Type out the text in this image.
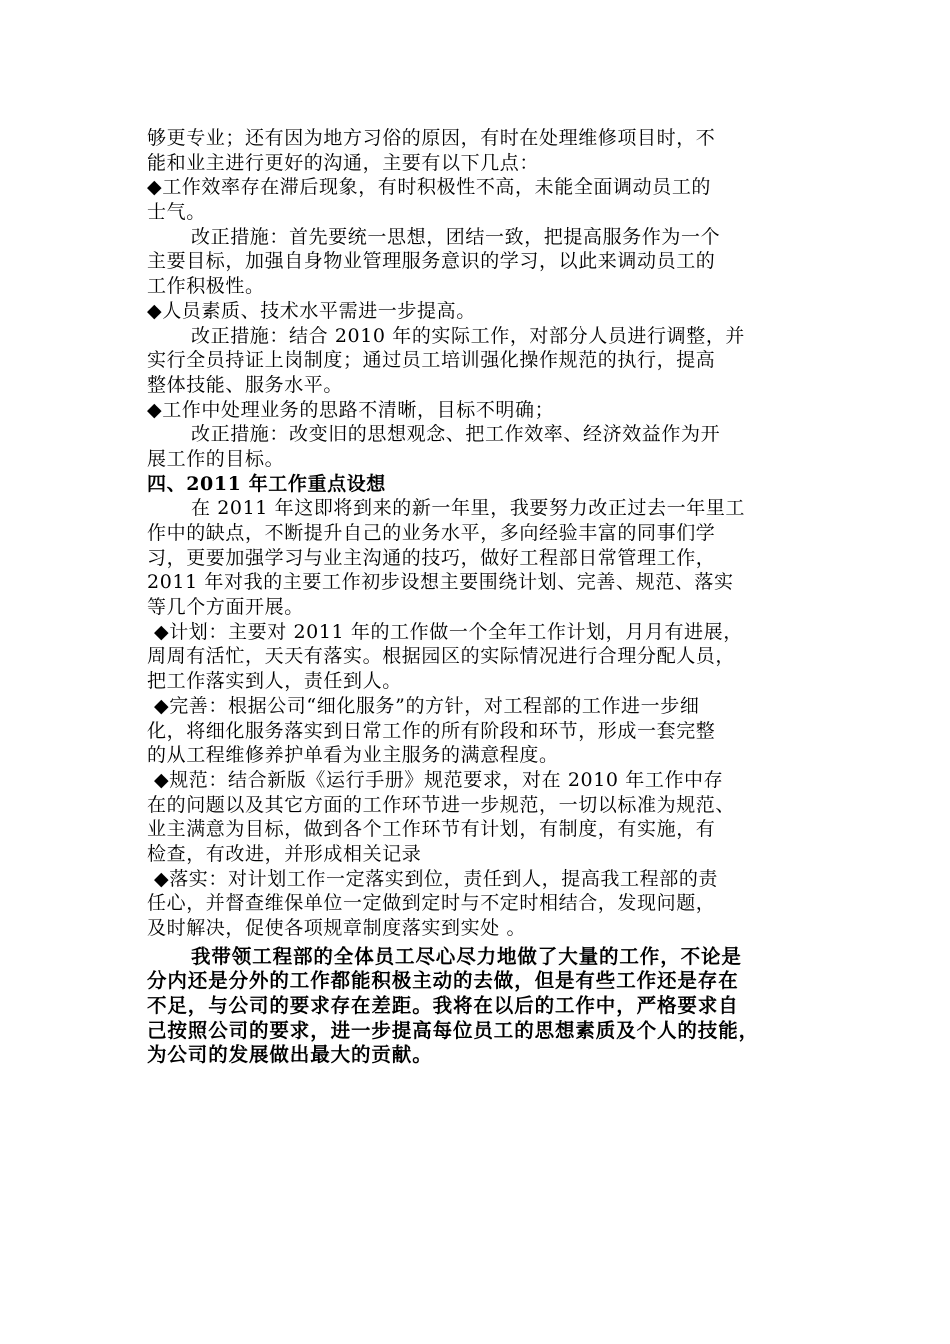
够更专业；还有因为地方习俗的原因，有时在处理维修项目时，不
能和业主进行更好的沟通，主要有以下几点：
◆工作效率存在滞后现象，有时积极性不高，未能全面调动员工的
士气。
改正措施：首先要统一思想，团结一致，把提高服务作为一个
主要目标，加强自身物业管理服务意识的学习，以此来调动员工的
工作积极性。
◆人员素质、技术水平需进一步提高。
改正措施：结合 2010 年的实际工作，对部分人员进行调整，并
实行全员持证上岗制度；通过员工培训强化操作规范的执行，提高
整体技能、服务水平。
◆工作中处理业务的思路不清晰，目标不明确；
改正措施：改变旧的思想观念、把工作效率、经济效益作为开
展工作的目标。
四、2011 年工作重点设想
在 2011 年这即将到来的新一年里，我要努力改正过去一年里工
作中的缺点，不断提升自己的业务水平，多向经验丰富的同事们学
习，更要加强学习与业主沟通的技巧，做好工程部日常管理工作，
2011 年对我的主要工作初步设想主要围绕计划、完善、规范、落实
等几个方面开展。
◆计划：主要对 2011 年的工作做一个全年工作计划，月月有进展，
周周有活忙，天天有落实。根据园区的实际情况进行合理分配人员，
把工作落实到人，责任到人。
◆完善：根据公司“细化服务”的方针，对工程部的工作进一步细
化，将细化服务落实到日常工作的所有阶段和环节，形成一套完整
的从工程维修养护单看为业主服务的满意程度。
◆规范：结合新版《运行手册》规范要求，对在 2010 年工作中存
在的问题以及其它方面的工作环节进一步规范，一切以标准为规范、
业主满意为目标，做到各个工作环节有计划，有制度，有实施，有
检查，有改进，并形成相关记录
◆落实：对计划工作一定落实到位，责任到人，提高我工程部的责
任心，并督查维保单位一定做到定时与不定时相结合，发现问题，
及时解决，促使各项规章制度落实到实处 。
我带领工程部的全体员工尽心尽力地做了大量的工作，不论是
分内还是分外的工作都能积极主动的去做，但是有些工作还是存在
不足，与公司的要求存在差距。我将在以后的工作中，严格要求自
己按照公司的要求，进一步提高每位员工的思想素质及个人的技能，
为公司的发展做出最大的贡献。
